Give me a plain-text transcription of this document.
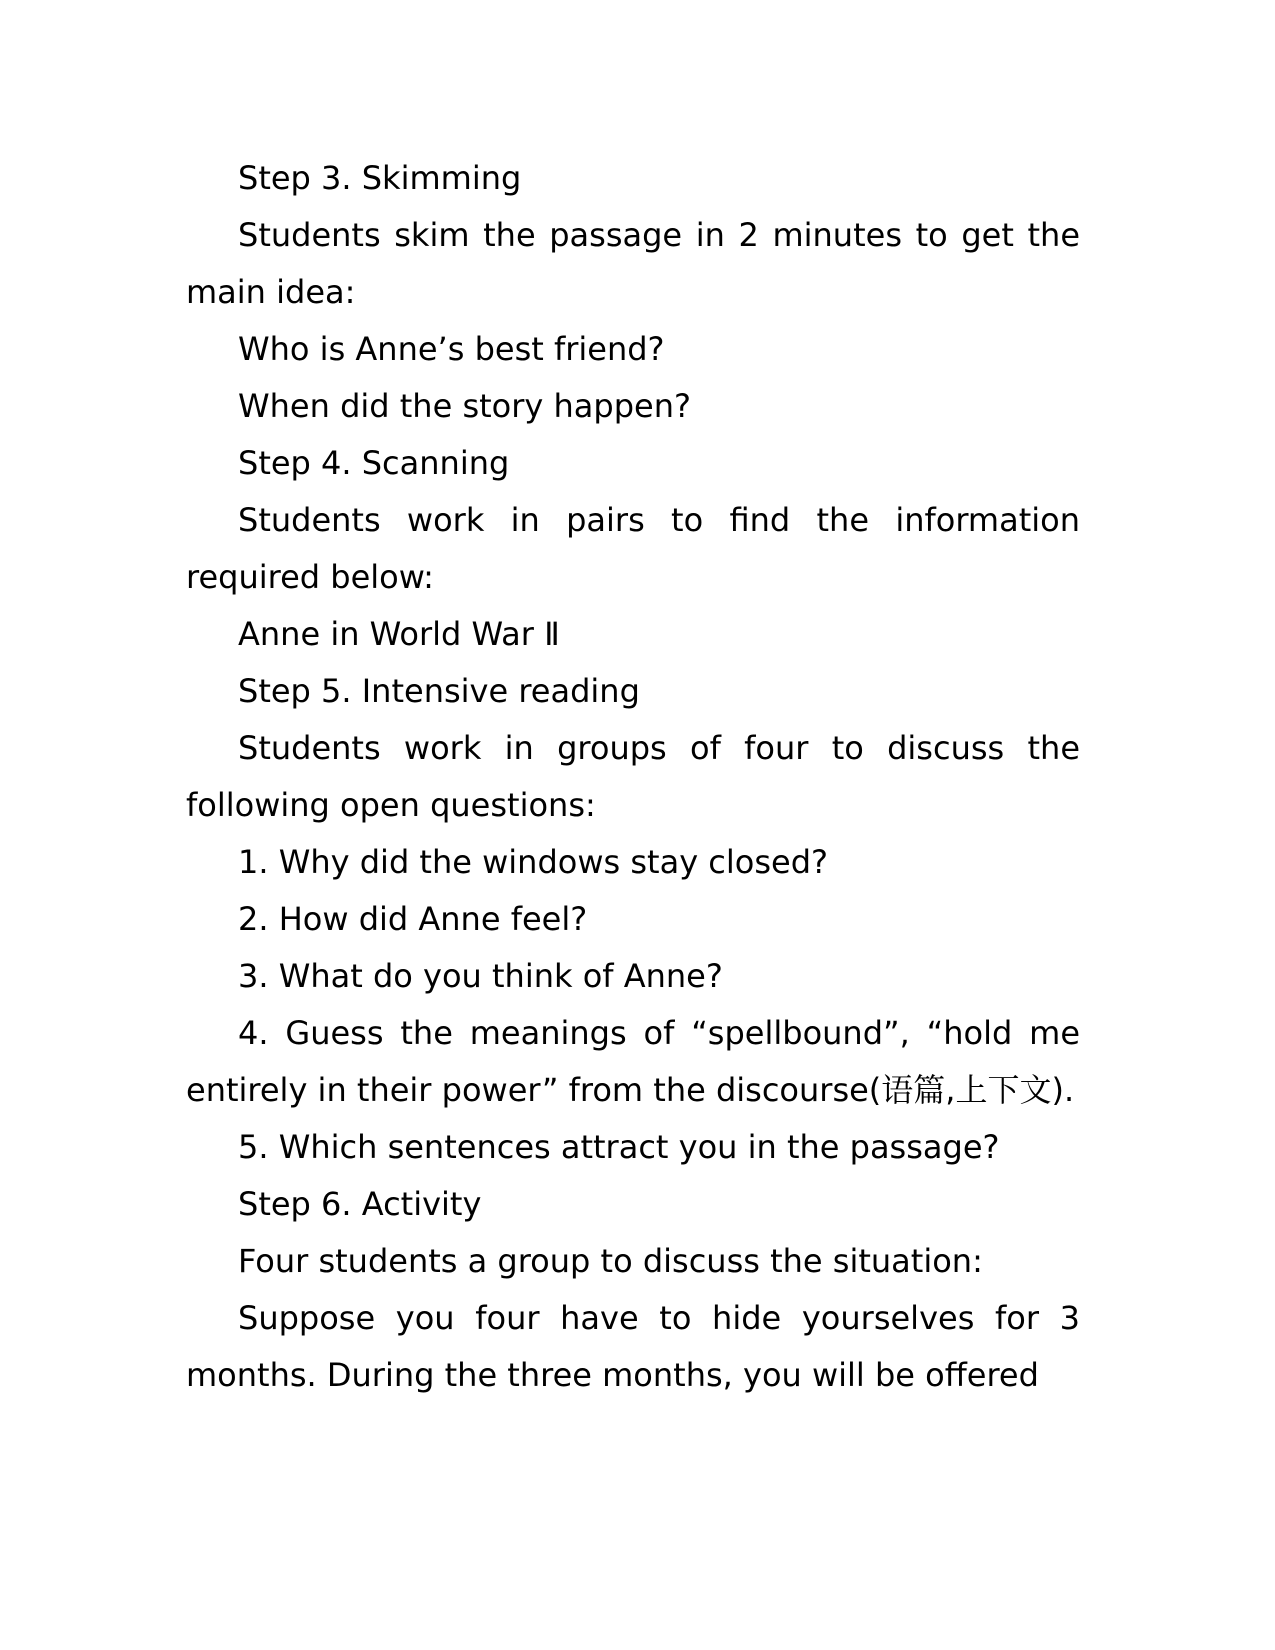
Step 3. Skimming

Students skim the passage in 2 minutes to get the main idea:

Who is Anne’s best friend?

When did the story happen?

Step 4. Scanning

Students work in pairs to find the information required below:

Anne in World War Ⅱ

Step 5. Intensive reading

Students work in groups of four to discuss the following open questions:

1. Why did the windows stay closed?

2. How did Anne feel?

3. What do you think of Anne?

4. Guess the meanings of “spellbound”, “hold me entirely in their power” from the discourse(语篇,上下文).

5. Which sentences attract you in the passage?

Step 6. Activity

Four students a group to discuss the situation:

Suppose you four have to hide yourselves for 3 months. During the three months, you will be offered
